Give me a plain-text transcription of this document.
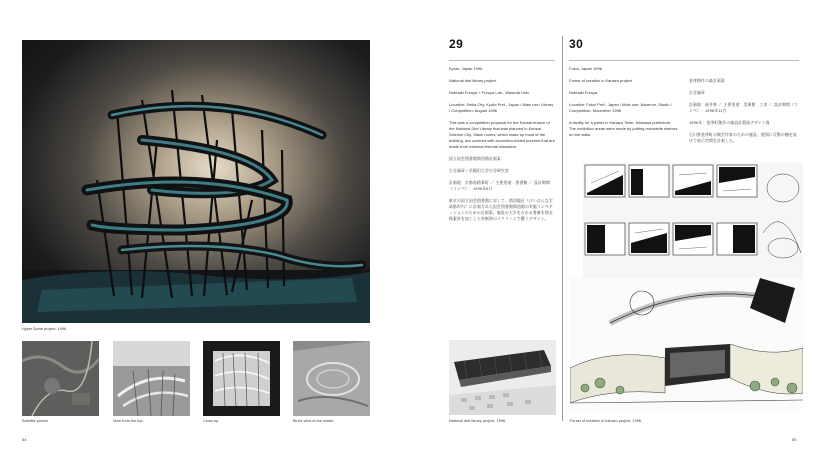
Hyper Spiral project, 1996.
Satellite picture.	View from the top.	Close-up.	Bird's view of the model.
54
29	30

Kyoto, Japan 1996

National diet library project

Nobuaki Furuya + Furuya Lab., Waseda Univ.

Location: Seika City, Kyoto Pref., Japan / Main use: Library / Competition: August 1996

This was a competition proposal for the Kansai branch of the National Diet Library that was planned in Kansai Science City. Stack rooms, which make up most of the building, are covered with accordion-folded screens that are made from external thermal insulation.

国立国会図書館関西館計画案

古谷誠章＋早稲田大学古谷研究室

計画地：京都府精華町 ／ 主要用途：図書館 ／ 設計期間（コンペ）：1996年8月

東京の国立国会図書館に対して、関西地区（けいはんな学研都市内）に計画された国会図書館関西館の実施コンペティションのための計画案。施設の大半を占める書庫を熱交換素材を加工した外断熱のスクリーンで覆うデザイン。

Fukui, Japan 1996

Forest of creation in Kanazu project

Nobuaki Furuya

Location: Fukui Pref., Japan / Main use: Museum, Studio / Competition: November 1996

A facility for a potter in Kanazu Town, Ishikawa prefecture. The exhibition areas were made by putting moveable shelves on the walls.

金津創作の森計画案

古谷誠章

計画地：福井県 ／ 主要用途：美術館　工房 ／ 設計期間（コンペ）：1996年11月

1996年：金津町創作の森設計競技デザイン賞

石川県金津町の陶芸作家のための施設。壁面に可動の棚を設けて展示空間を計画した。

National diet library project, 1996.	Forest of creation in Kanazu project, 1996.
55
